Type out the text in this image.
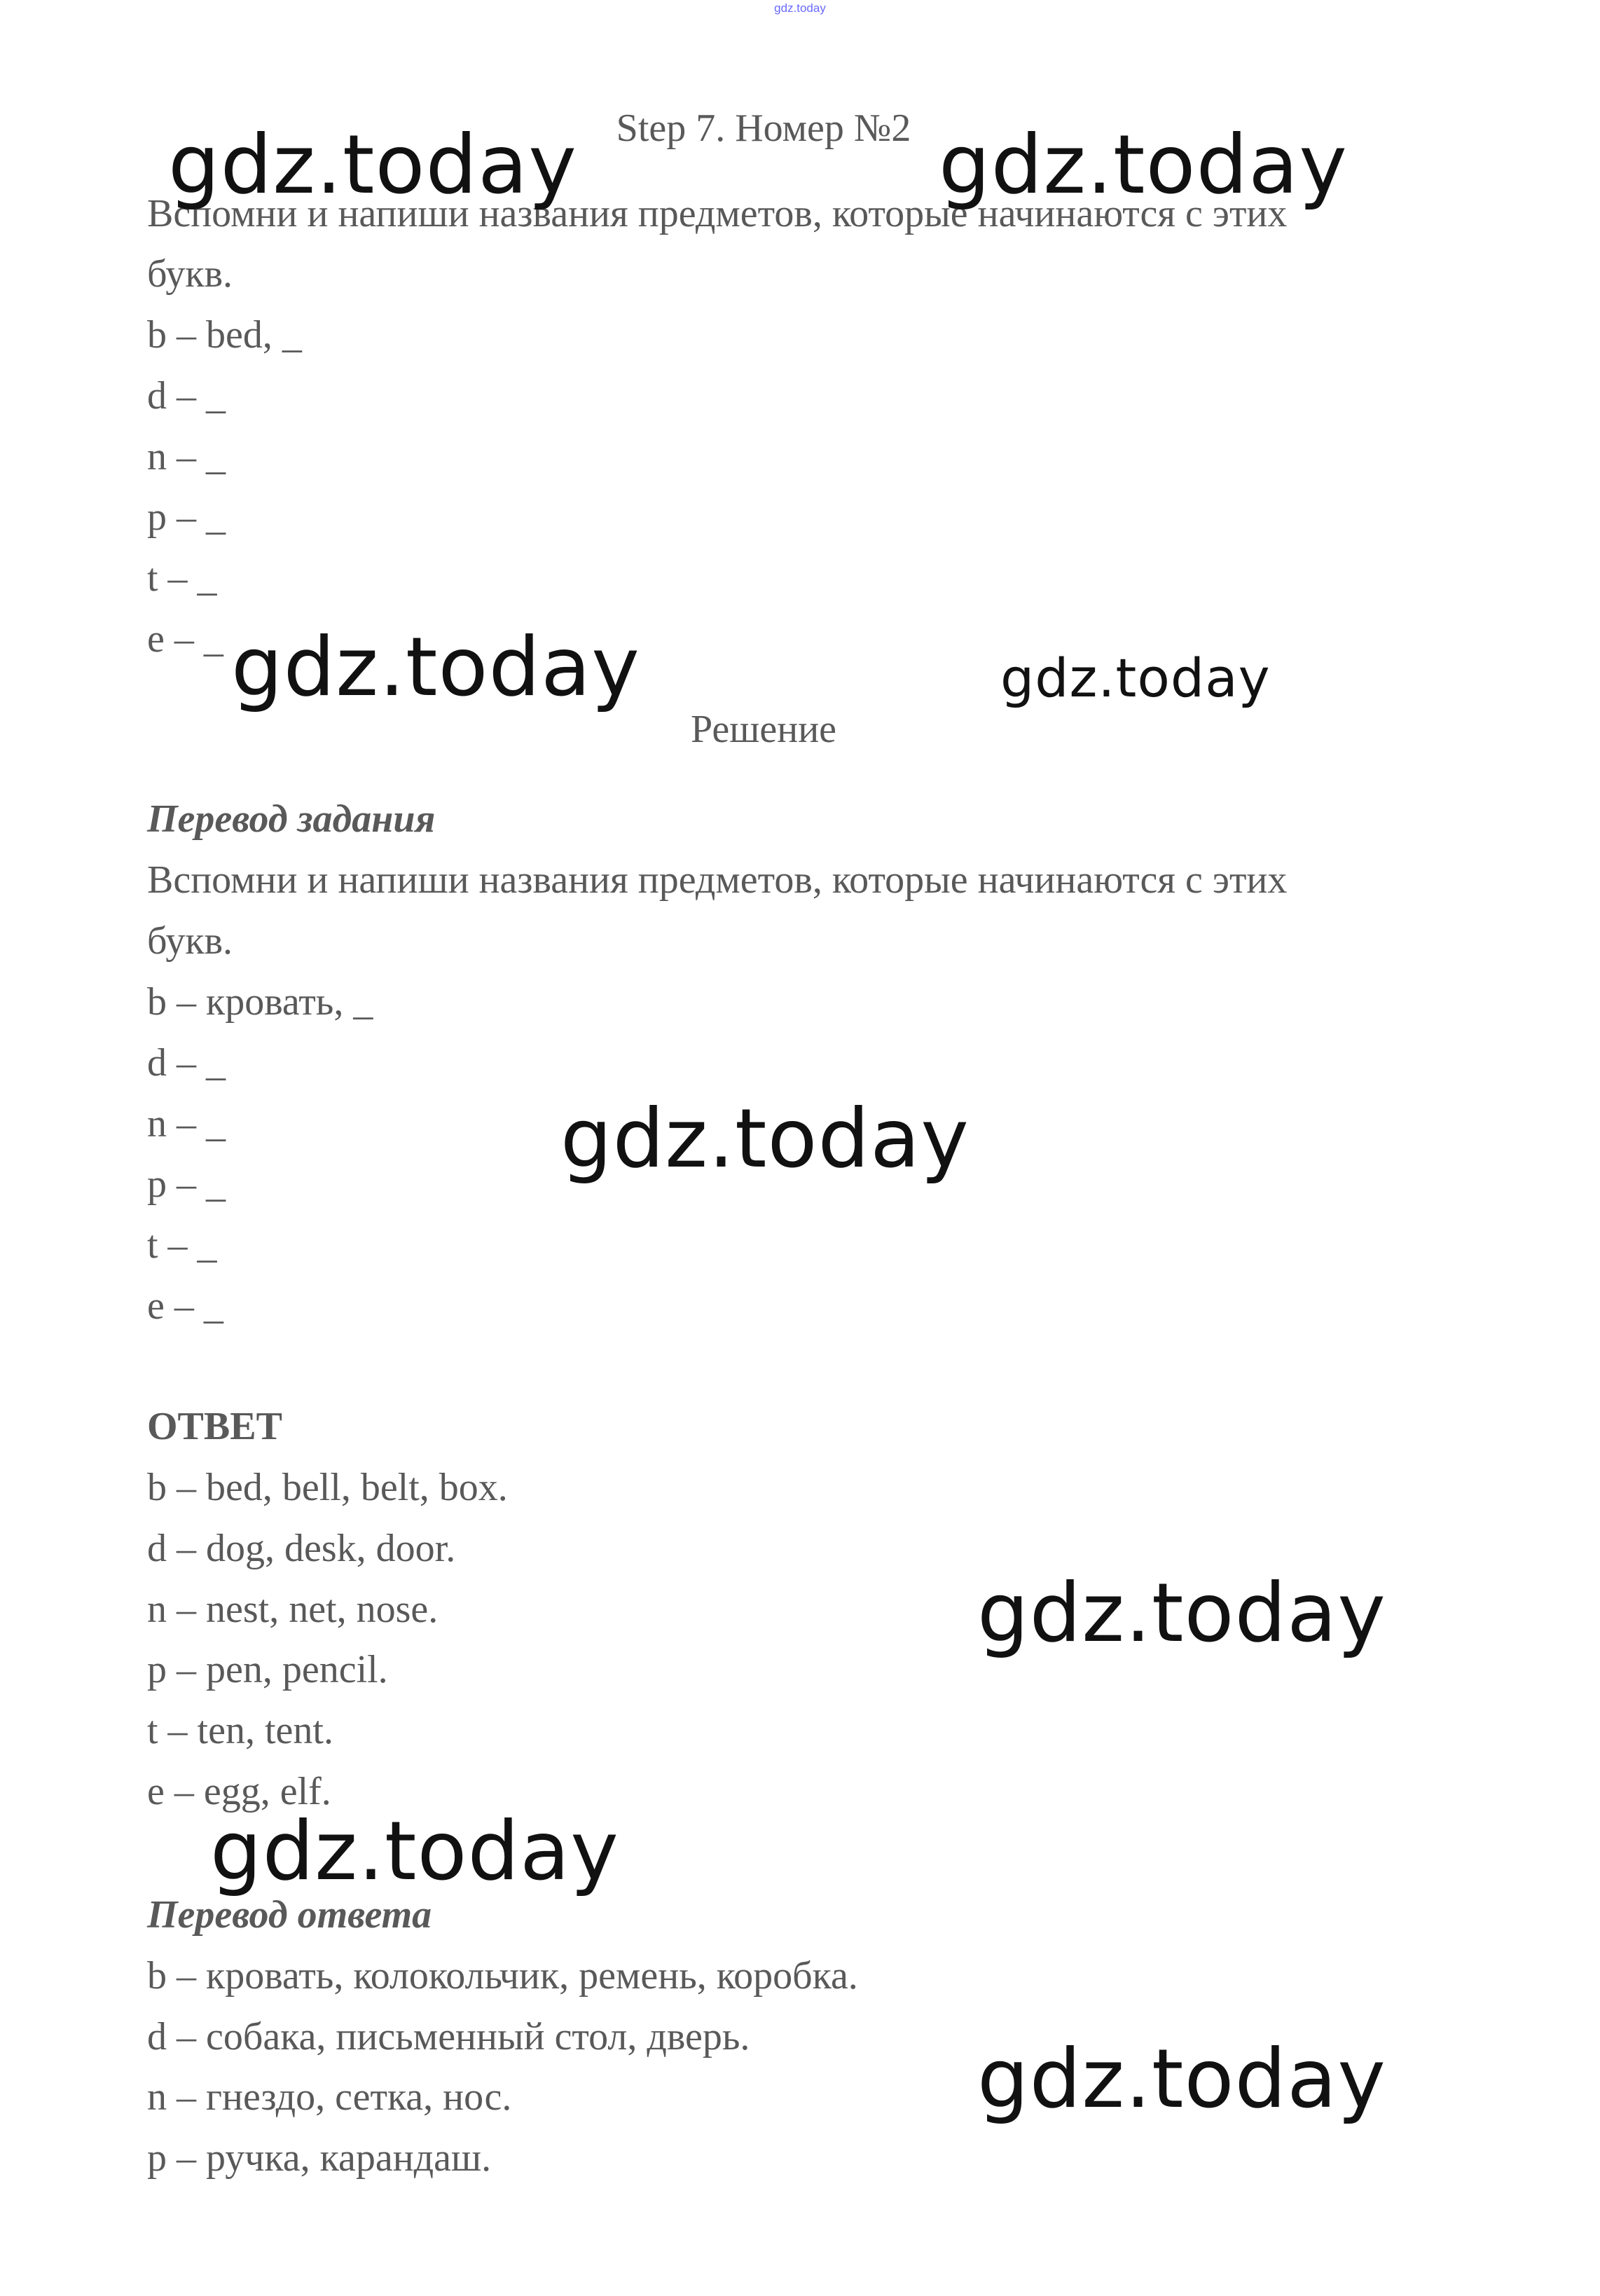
gdz.today
Step 7. Номер №2
Вспомни и напиши названия предметов, которые начинаются с этих
букв.
b – bed, _
d – _
n – _
p – _
t – _
e – _
Решение
Перевод задания
Вспомни и напиши названия предметов, которые начинаются с этих
букв.
b – кровать, _
d – _
n – _
p – _
t – _
e – _
ОТВЕТ
b – bed, bell, belt, box.
d – dog, desk, door.
n – nest, net, nose.
p – pen, pencil.
t – ten, tent.
e – egg, elf.
Перевод ответа
b – кровать, колокольчик, ремень, коробка.
d – собака, письменный стол, дверь.
n – гнездо, сетка, нос.
p – ручка, карандаш.
gdz.today	gdz.today
gdz.today	gdz.today
gdz.today
gdz.today
gdz.today
gdz.today
